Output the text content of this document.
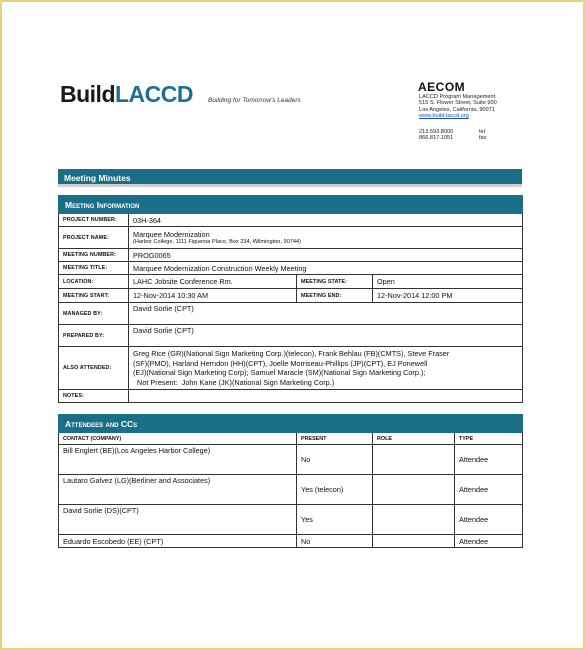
BuildLACCD Building for Tomorrow's Leaders
AECOM
LACCD Program Management
515 S. Flower Street, Suite 900
Los Angeles, California, 90071
www.build-laccd.org
213.593.8000	tel
866.817.1051	fax
Meeting Minutes
Meeting Information			
PROJECT NUMBER:	03H-364		
PROJECT NAME:	Marquee Modernization
(Harbor College, 1111 Figueroa Place, Box 234, Wilmington, 90744)		

MEETING NUMBER:	PROG0065		
MEETING TITLE:	Marquee Modernization Construction Weekly Meeting		
LOCATION:	LAHC Jobsite Conference Rm.	MEETING STATE:	Open
MEETING START:	12-Nov-2014 10:30 AM	MEETING END:	12-Nov-2014 12:00 PM
MANAGED BY:	David Sorlie (CPT)		
PREPARED BY:	David Sorlie (CPT)		
ALSO ATTENDED:	Greg Rice (GR)(National Sign Marketing Corp.)(telecon), Frank Behlau (FB)(CMTS), Steve Fraser
(SF)(PMO), Harland Herndon (HH)(CPT), Joelle Morriseau-Phillips (JP)(CPT), EJ Ponewell
(EJ)(National Sign Marketing Corp); Samuel Maracle (SM)(National Sign Marketing Corp.);
Not Present:  John Kane (JK)(National Sign Marketing Corp.)		

NOTES:			
Attendees and CCs			
CONTACT (COMPANY)	PRESENT	ROLE	TYPE
Bill Englert (BE)(Los Angeles Harbor College)	No		Attendee
Lautaro Galvez (LG)(Berliner and Associates)	Yes (telecon)		Attendee
David Sorlie (DS)(CPT)	Yes		Attendee
Eduardo Escobedo (EE) (CPT)	No		Attendee
